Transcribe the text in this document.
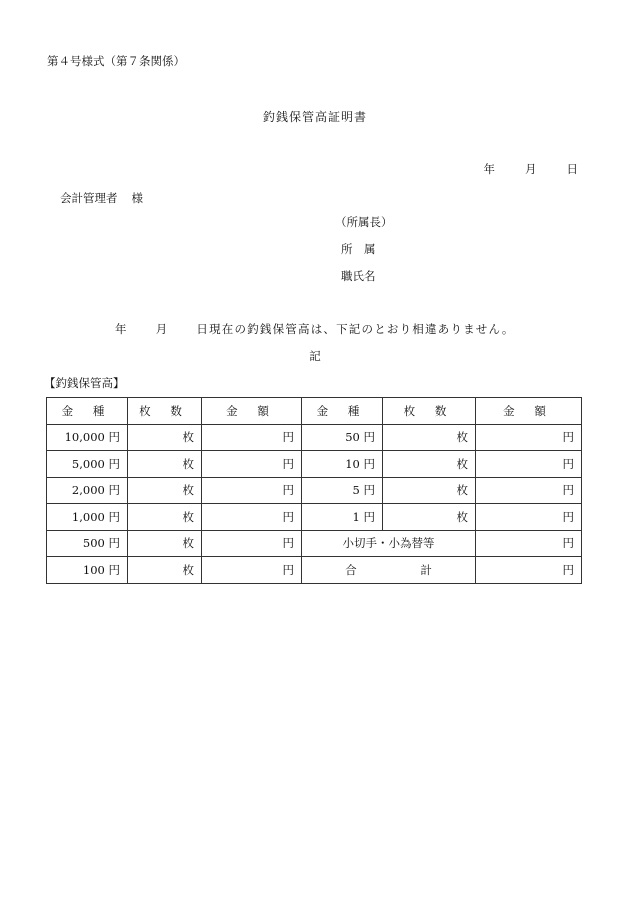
第４号様式（第７条関係）
釣銭保管高証明書
年	月	日
会計管理者 様
（所属長）
所　属
職氏名
年 月 日現在の釣銭保管高は、下記のとおり相違ありません。
記
【釣銭保管高】
金 種	枚 数	金 額	金 種	枚 数	金 額
10,000 円	枚	円	50 円	枚	円
5,000 円	枚	円	10 円	枚	円
2,000 円	枚	円	5 円	枚	円
1,000 円	枚	円	1 円	枚	円
500 円	枚	円	小切手・小為替等		円
100 円	枚	円	合 計		円
